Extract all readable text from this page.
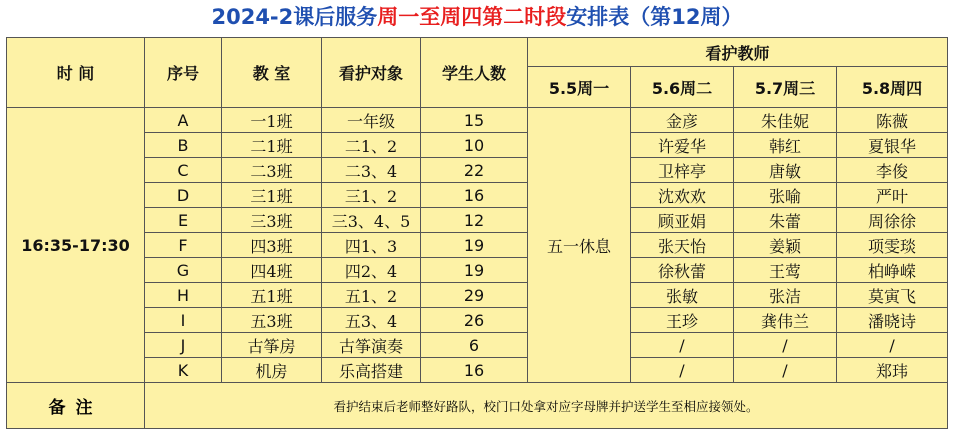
2024-2课后服务周一至周四第二时段安排表（第12周）
时 间	序号	教 室	看护对象	学生人数	看护教师			
					5.5周一	5.6周二	5.7周三	5.8周四
16:35-17:30	A	一1班	一年级	15	五一休息	金彦	朱佳妮	陈薇
	B	二1班	二1、2	10		许爱华	韩红	夏银华
	C	二3班	二3、4	22		卫梓亭	唐敏	李俊
	D	三1班	三1、2	16		沈欢欢	张喻	严叶
	E	三3班	三3、4、5	12		顾亚娟	朱蕾	周徐徐
	F	四3班	四1、3	19		张天怡	姜颖	项雯琰
	G	四4班	四2、4	19		徐秋蕾	王莺	柏峥嵘
	H	五1班	五1、2	29		张敏	张洁	莫寅飞
	I	五3班	五3、4	26		王珍	龚伟兰	潘晓诗
	J	古筝房	古筝演奏	6		/	/	/
	K	机房	乐高搭建	16		/	/	郑玮
备注	看护结束后老师整好路队，校门口处拿对应字母牌并护送学生至相应接领处。							
